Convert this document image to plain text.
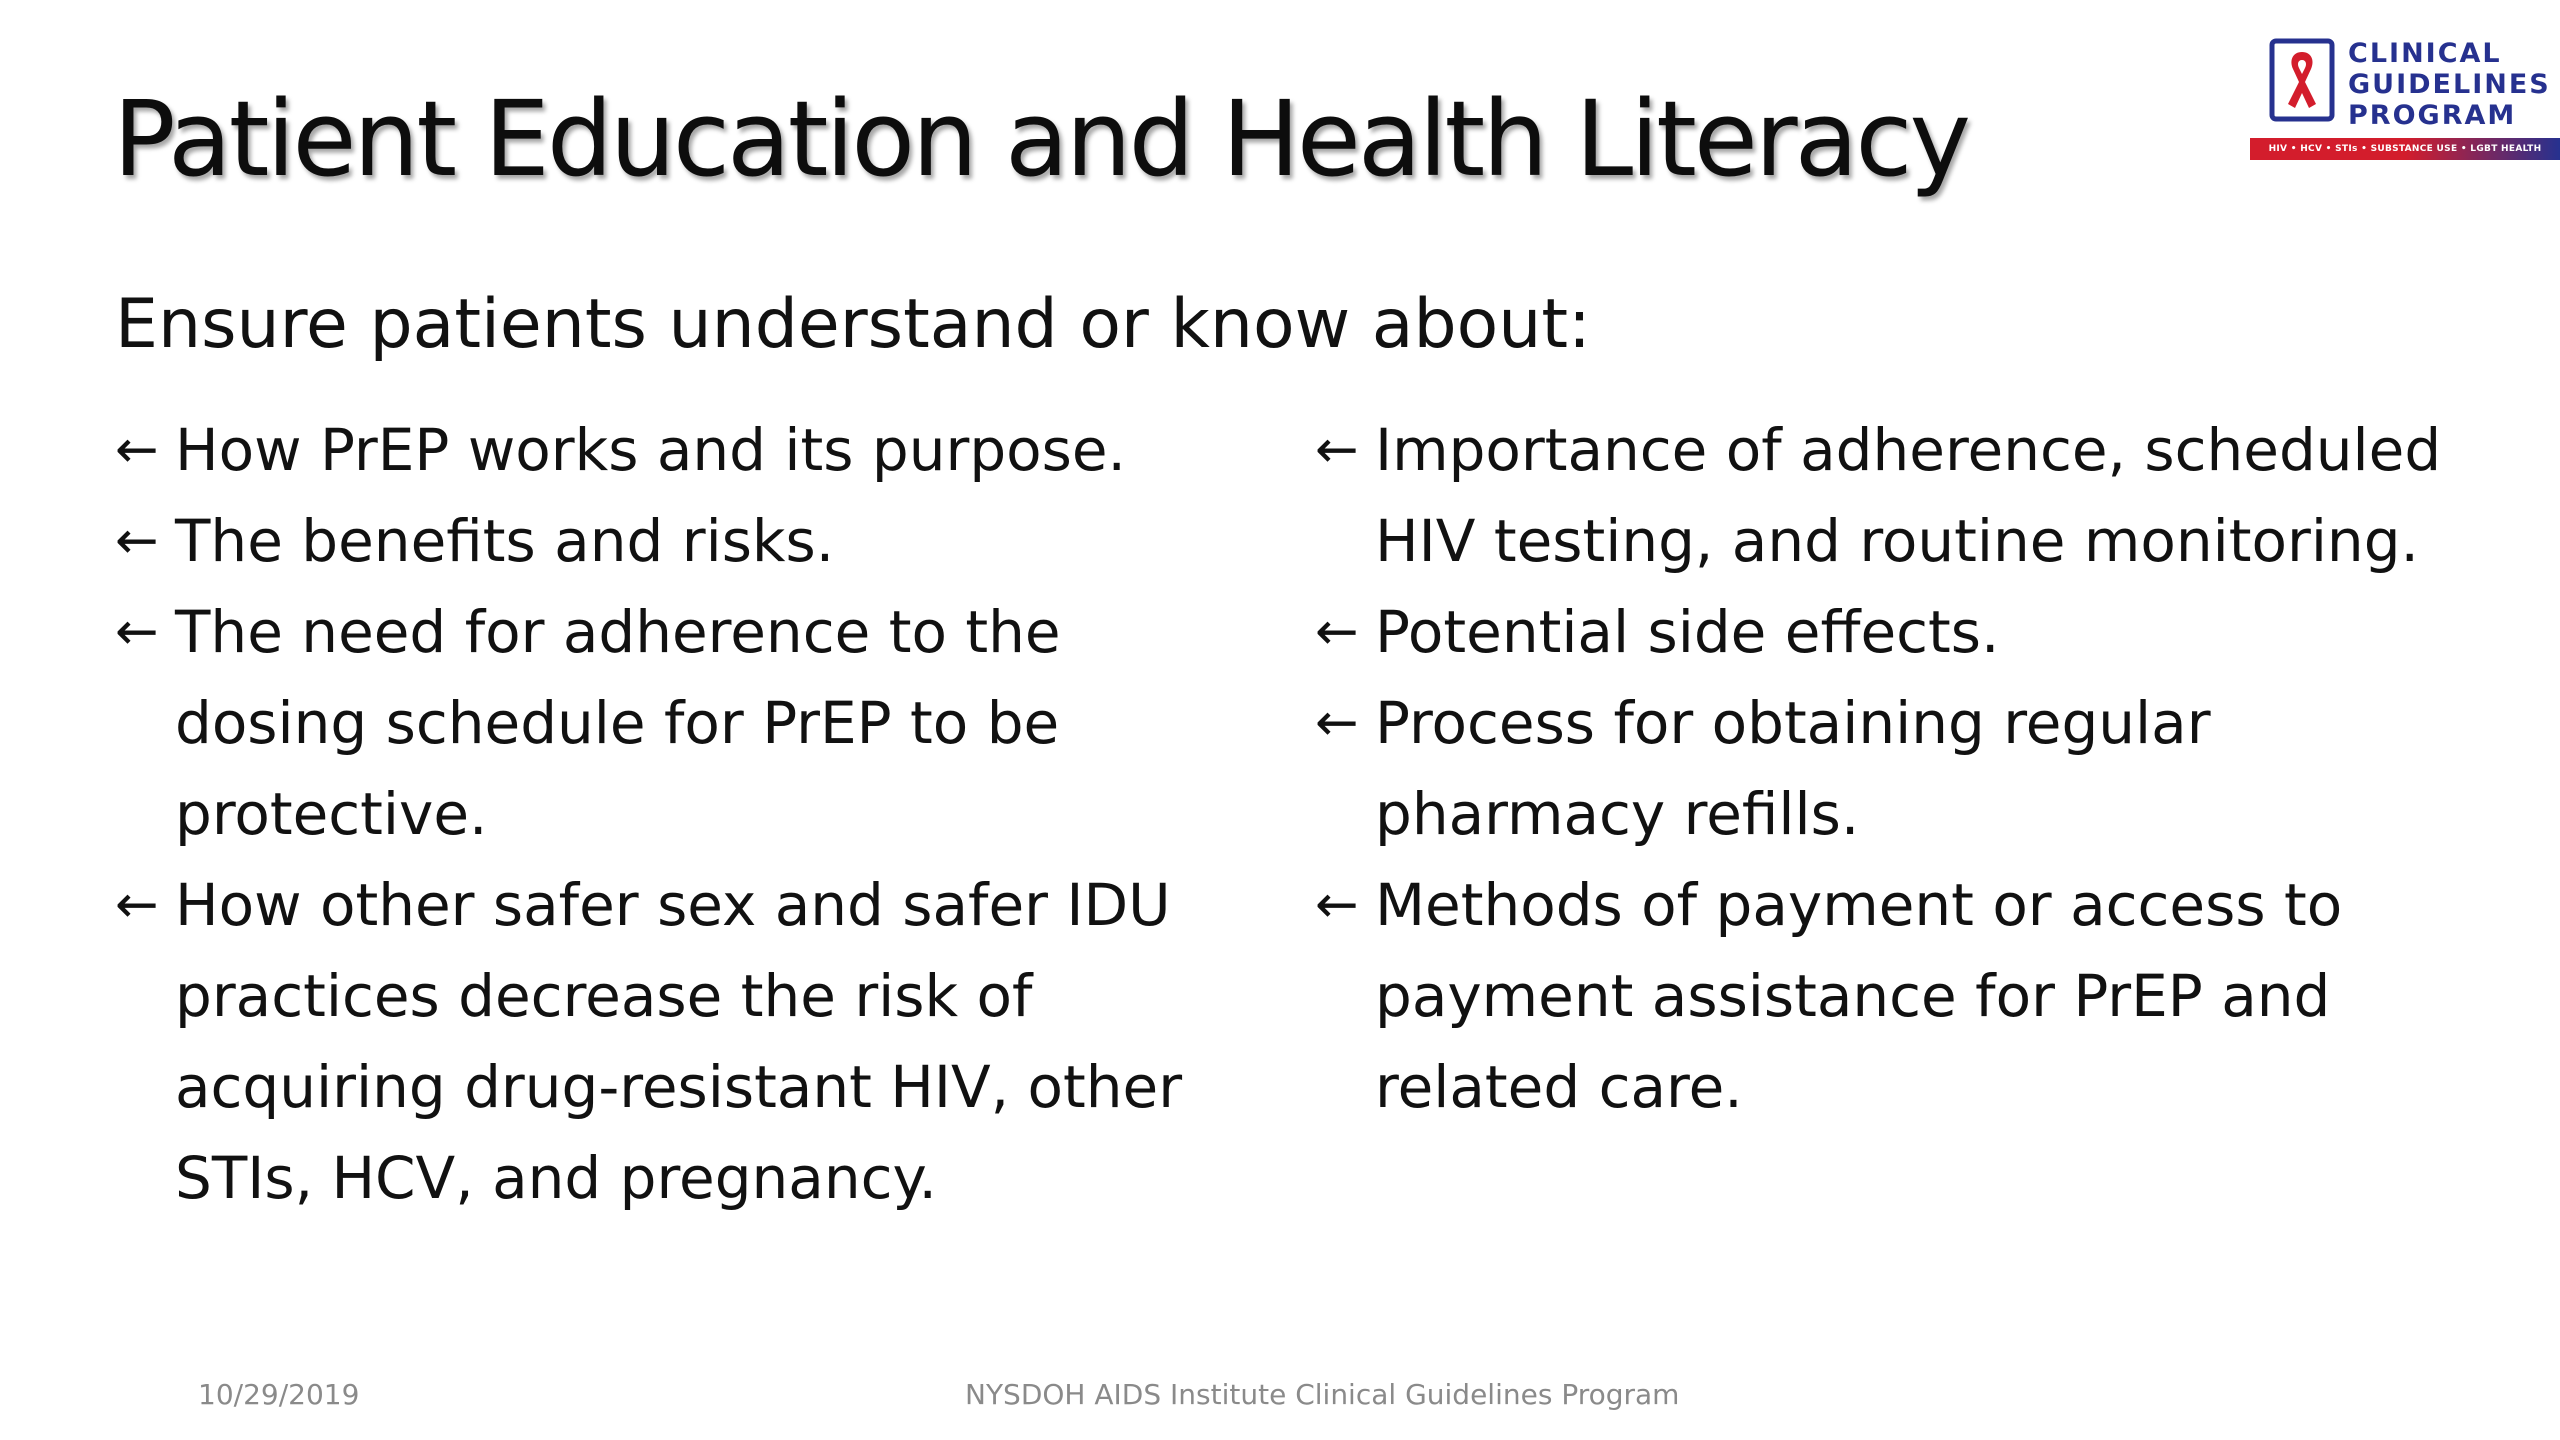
Patient Education and Health Literacy
CLINICAL
GUIDELINES
PROGRAM
HIV • HCV • STIs • SUBSTANCE USE • LGBT HEALTH

Ensure patients understand or know about:

← How PrEP works and its purpose.
← The benefits and risks.
← The need for adherence to the dosing schedule for PrEP to be protective.
← How other safer sex and safer IDU practices decrease the risk of acquiring drug-resistant HIV, other STIs, HCV, and pregnancy.
← Importance of adherence, scheduled HIV testing, and routine monitoring.
← Potential side effects.
← Process for obtaining regular pharmacy refills.
← Methods of payment or access to payment assistance for PrEP and related care.
10/29/2019	NYSDOH AIDS Institute Clinical Guidelines Program
